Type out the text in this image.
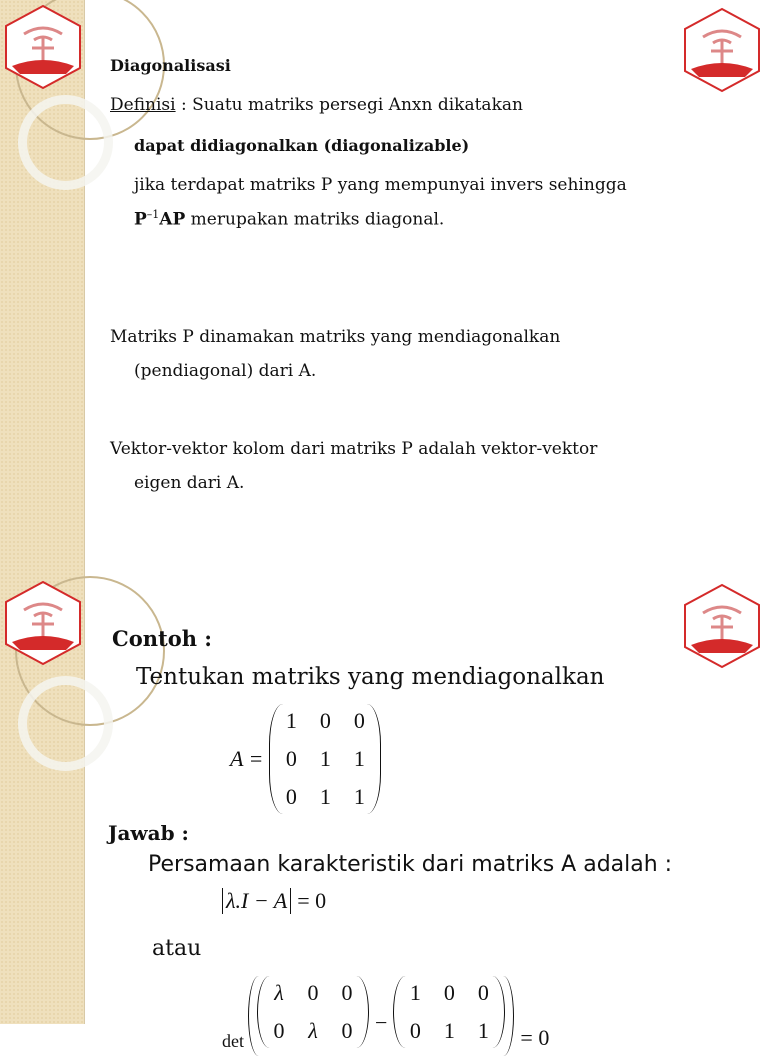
Diagonalisasi
Definisi : Suatu matriks persegi Anxn dikatakan
dapat didiagonalkan (diagonalizable)
jika terdapat matriks P yang mempunyai invers sehingga
$P^{-1}AP$ merupakan matriks diagonal.
Matriks P dinamakan matriks yang mendiagonalkan
(pendiagonal) dari A.
Vektor-vektor kolom dari matriks P adalah vektor-vektor
eigen dari A.
Contoh :
Tentukan matriks yang mendiagonalkan
A =
1	0	0
0	1	1
0	1	1
Jawab :
Persamaan karakteristik dari matriks A adalah :
λ.I − A = 0
atau
det
λ	0	0
0	λ	0	−
1	0	0
0	1	1	= 0
